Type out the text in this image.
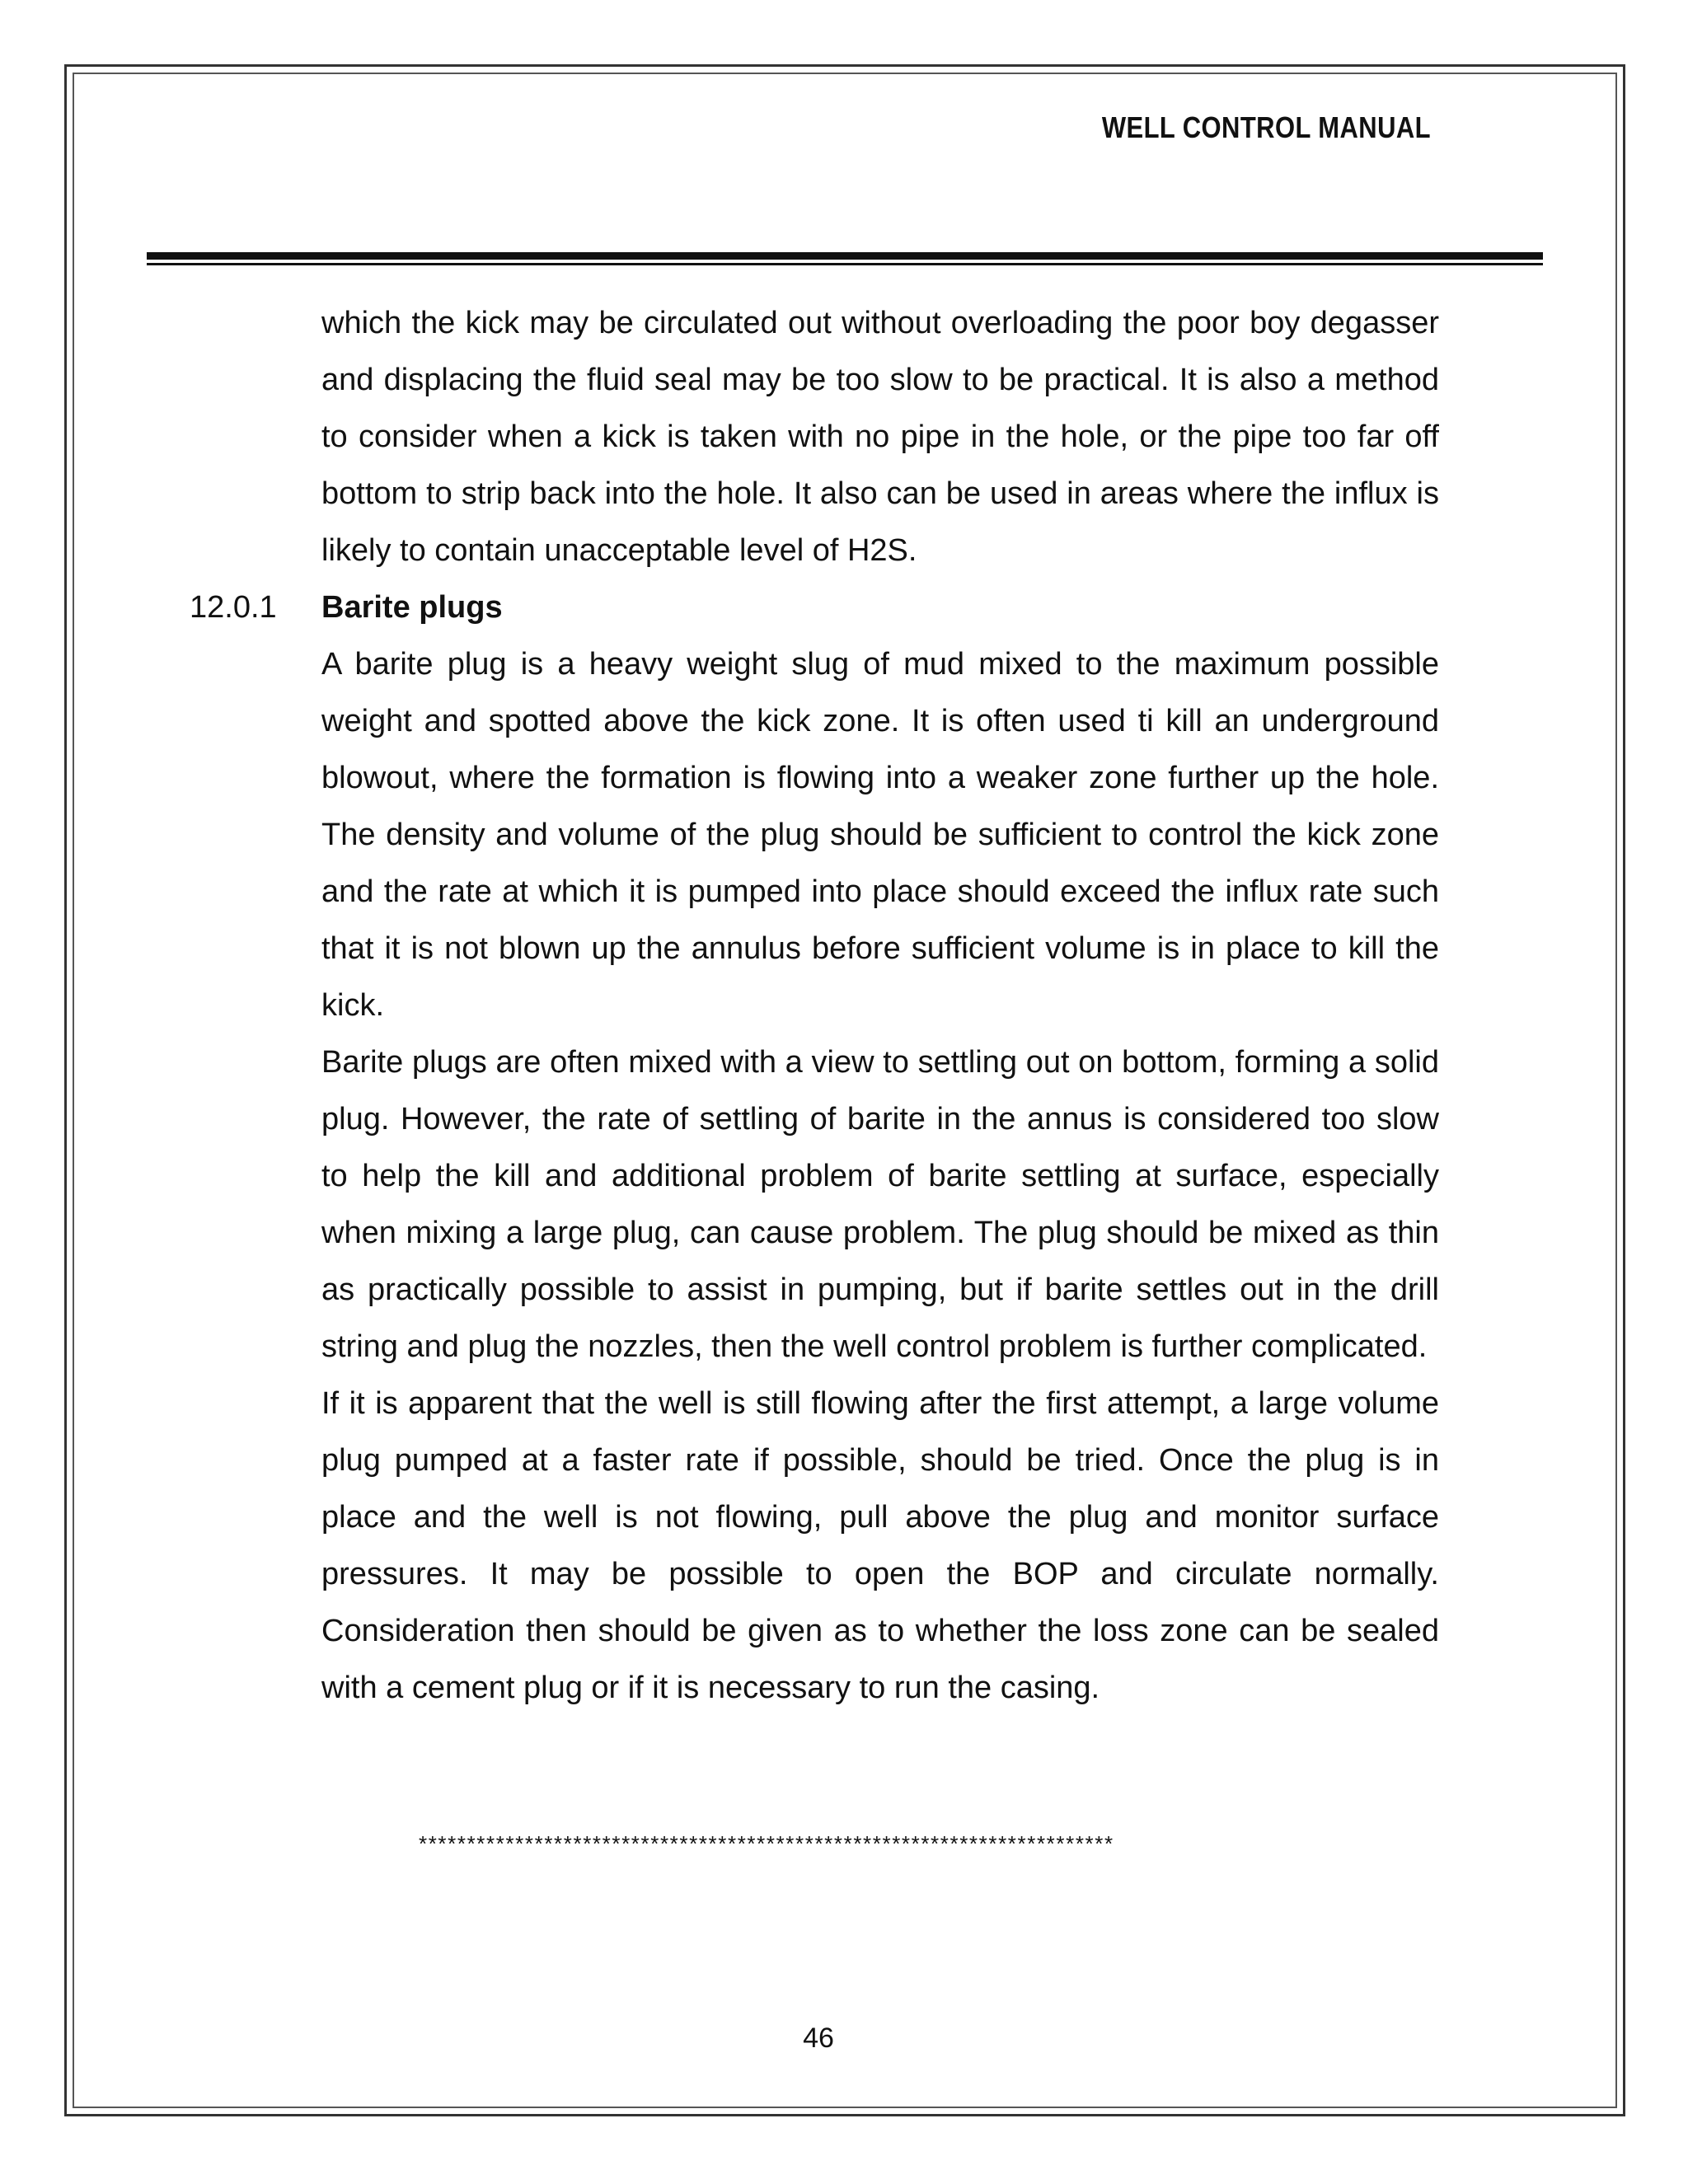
WELL CONTROL MANUAL

which the kick may be circulated out without overloading the poor boy degasser and displacing the fluid seal may be too slow to be practical. It is also a method to consider when a kick is taken with no pipe in the hole, or the pipe too far off bottom to strip back into the hole. It also can be used in areas where the influx is likely to contain unacceptable level of H2S.

12.0.1 Barite plugs

A barite plug is a heavy weight slug of mud mixed to the maximum possible weight and spotted above the kick zone. It is often used ti kill an underground blowout, where the formation is flowing into a weaker zone further up the hole. The density and volume of the plug should be sufficient to control the kick zone and the rate at which it is pumped into place should exceed the influx rate such that it is not blown up the annulus before sufficient volume is in place to kill the kick.

Barite plugs are often mixed with a view to settling out on bottom, forming a solid plug. However, the rate of settling of barite in the annus is considered too slow to help the kill and additional problem of barite settling at surface, especially when mixing a large plug, can cause problem. The plug should be mixed as thin as practically possible to assist in pumping, but if barite settles out in the drill string and plug the nozzles, then the well control problem is further complicated.

If it is apparent that the well is still flowing after the first attempt, a large volume plug pumped at a faster rate if possible, should be tried. Once the plug is in place and the well is not flowing, pull above the plug and monitor surface pressures. It may be possible to open the BOP and circulate normally. Consideration then should be given as to whether the loss zone can be sealed with a cement plug or if it is necessary to run the casing.

************************************************************************
46
